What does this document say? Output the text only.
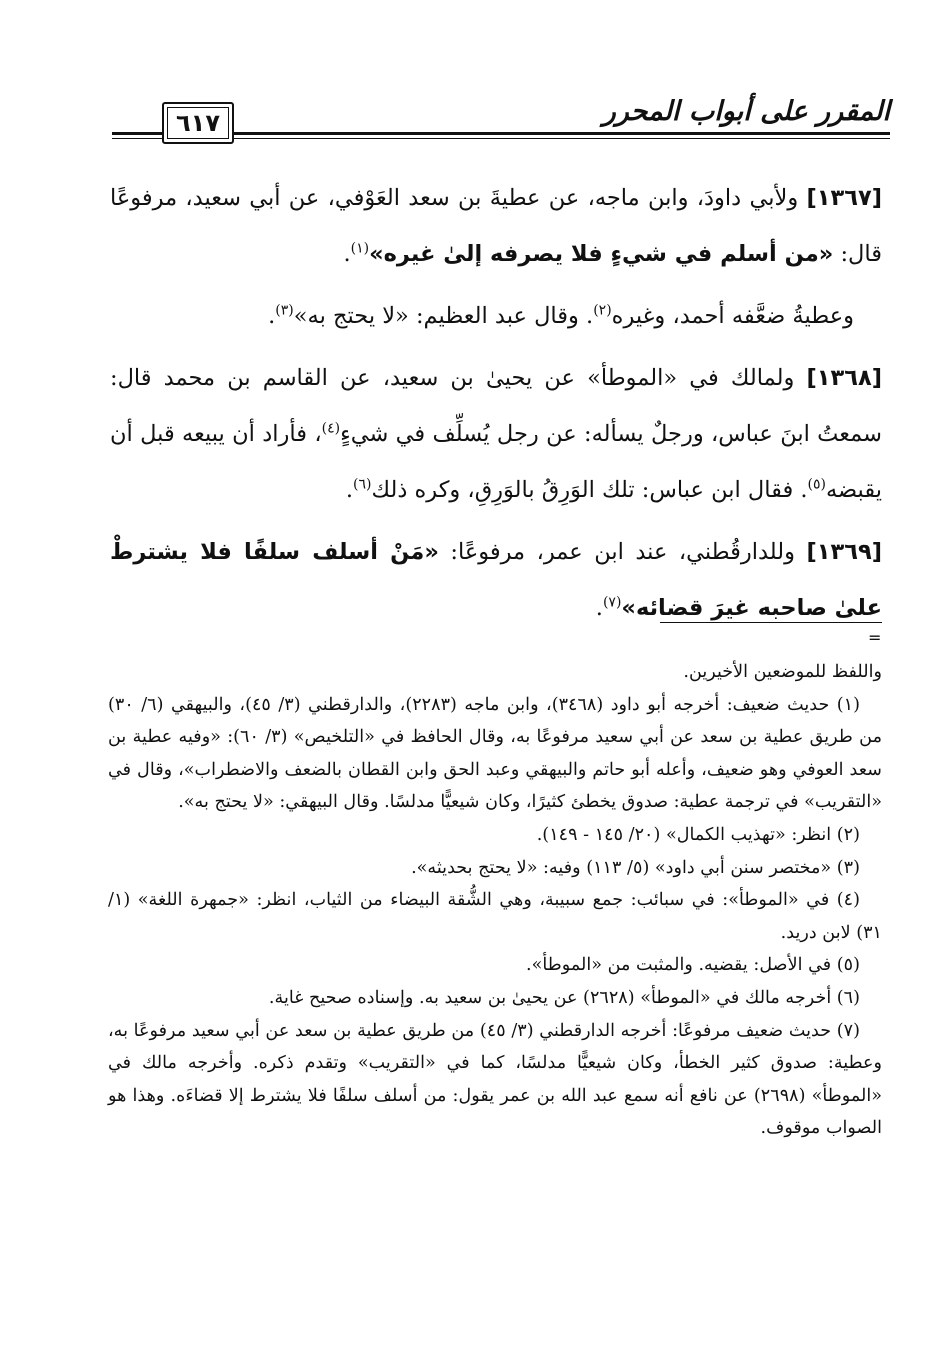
المقرر على أبواب المحرر
٦١٧

[١٣٦٧] ولأبي داودَ، وابن ماجه، عن عطيةَ بن سعد العَوْفي، عن أبي سعيد، مرفوعًا قال: «من أسلم في شيءٍ فلا يصرفه إلىٰ غيره»$^{(١)}$.

وعطيةُ ضعَّفه أحمد، وغيره$^{(٢)}$. وقال عبد العظيم: «لا يحتج به»$^{(٣)}$.

[١٣٦٨] ولمالك في «الموطأ» عن يحيىٰ بن سعيد، عن القاسم بن محمد قال: سمعتُ ابنَ عباس، ورجلٌ يسأله: عن رجل يُسلِّف في شيءٍ$^{(٤)}$، فأراد أن يبيعه قبل أن يقبضه$^{(٥)}$. فقال ابن عباس: تلك الوَرِقُ بالوَرِقِ، وكره ذلك$^{(٦)}$.

[١٣٦٩] وللدارقُطني، عند ابن عمر، مرفوعًا: «مَنْ أسلف سلفًا فلا يشترطْ علىٰ صاحبه غيرَ قضائه»$^{(٧)}$.

=

واللفظ للموضعين الأخيرين.

(١) حديث ضعيف: أخرجه أبو داود (٣٤٦٨)، وابن ماجه (٢٢٨٣)، والدارقطني (٣/ ٤٥)، والبيهقي (٦/ ٣٠) من طريق عطية بن سعد عن أبي سعيد مرفوعًا به، وقال الحافظ في «التلخيص» (٣/ ٦٠): «وفيه عطية بن سعد العوفي وهو ضعيف، وأعله أبو حاتم والبيهقي وعبد الحق وابن القطان بالضعف والاضطراب»، وقال في «التقريب» في ترجمة عطية: صدوق يخطئ كثيرًا، وكان شيعيًّا مدلسًا. وقال البيهقي: «لا يحتج به».

(٢) انظر: «تهذيب الكمال» (٢٠/ ١٤٥ - ١٤٩).

(٣) «مختصر سنن أبي داود» (٥/ ١١٣) وفيه: «لا يحتج بحديثه».

(٤) في «الموطأ»: في سبائب: جمع سبيبة، وهي الشُّقة البيضاء من الثياب، انظر: «جمهرة اللغة» (١/ ٣١) لابن دريد.

(٥) في الأصل: يقضيه. والمثبت من «الموطأ».

(٦) أخرجه مالك في «الموطأ» (٢٦٢٨) عن يحيىٰ بن سعيد به. وإسناده صحيح غاية.

(٧) حديث ضعيف مرفوعًا: أخرجه الدارقطني (٣/ ٤٥) من طريق عطية بن سعد عن أبي سعيد مرفوعًا به، وعطية: صدوق كثير الخطأ، وكان شيعيًّا مدلسًا، كما في «التقريب» وتقدم ذكره. وأخرجه مالك في «الموطأ» (٢٦٩٨) عن نافع أنه سمع عبد الله بن عمر يقول: من أسلف سلفًا فلا يشترط إلا قضاءَه. وهذا هو الصواب موقوف.
